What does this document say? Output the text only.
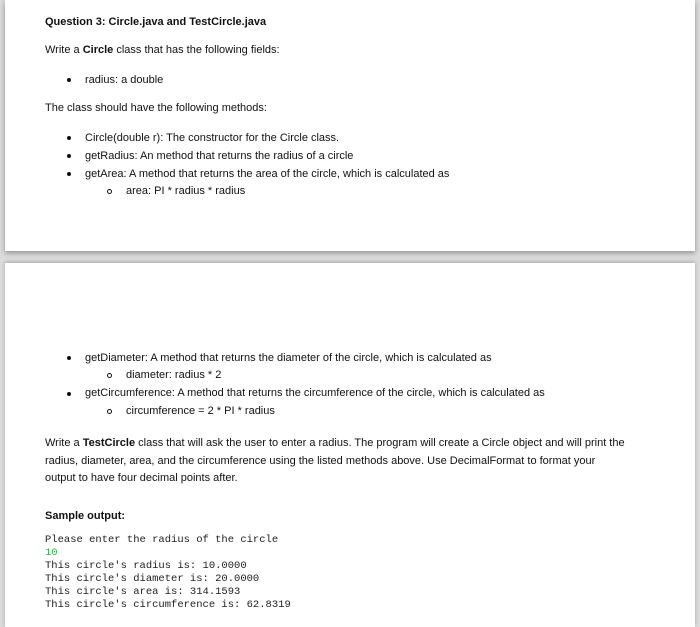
Question 3: Circle.java and TestCircle.java
Write a Circle class that has the following fields:
radius: a double
The class should have the following methods:
Circle(double r): The constructor for the Circle class.
getRadius: An method that returns the radius of a circle
getArea: A method that returns the area of the circle, which is calculated as
area: PI * radius * radius
getDiameter: A method that returns the diameter of the circle, which is calculated as
diameter: radius * 2
getCircumference: A method that returns the circumference of the circle, which is calculated as
circumference = 2 * PI * radius
Write a TestCircle class that will ask the user to enter a radius. The program will create a Circle object and will print the
radius, diameter, area, and the circumference using the listed methods above. Use DecimalFormat to format your
output to have four decimal points after.
Sample output:
Please enter the radius of the circle
10
This circle's radius is: 10.0000
This circle's diameter is: 20.0000
This circle's area is: 314.1593
This circle's circumference is: 62.8319
